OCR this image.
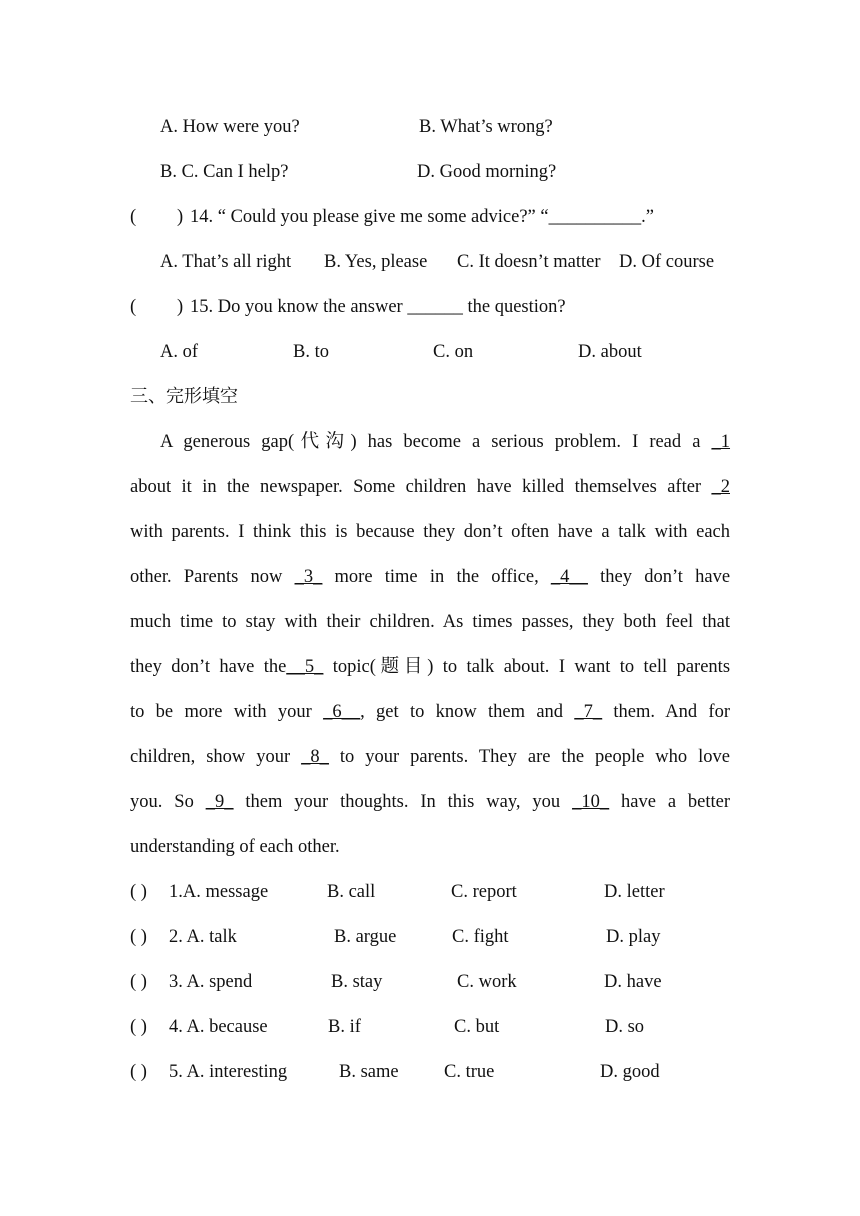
A. How were you?	B. What’s wrong?
B. C. Can I help?	D. Good morning?
( ) 14. “ Could you please give me some advice?” “__________.”
A. That’s all right B. Yes, please C. It doesn’t matter D. Of course
( ) 15. Do you know the answer ______ the question?
A. of	B. to	C. on	D. about
三、完形填空
A generous gap(代沟) has become a serious problem. I read a _1
about it in the newspaper. Some children have killed themselves after _2
with parents. I think this is because they don’t often have a talk with each
other. Parents now _3_ more time in the office, _4__ they don’t have
much time to stay with their children. As times passes, they both feel that
they don’t have the__5_ topic(题目) to talk about. I want to tell parents
to be more with your _6__, get to know them and _7_ them. And for
children, show your _8_ to your parents. They are the people who love
you. So _9_ them your thoughts. In this way, you _10_ have a better
understanding of each other.
( ) 1.A. message	B. call	C. report	D. letter
( ) 2. A. talk	B. argue	C. fight	D. play
( ) 3. A. spend	B. stay	C. work	D. have
( ) 4. A. because	B. if	C. but	D. so
( ) 5. A. interesting	B. same C. true	D. good
